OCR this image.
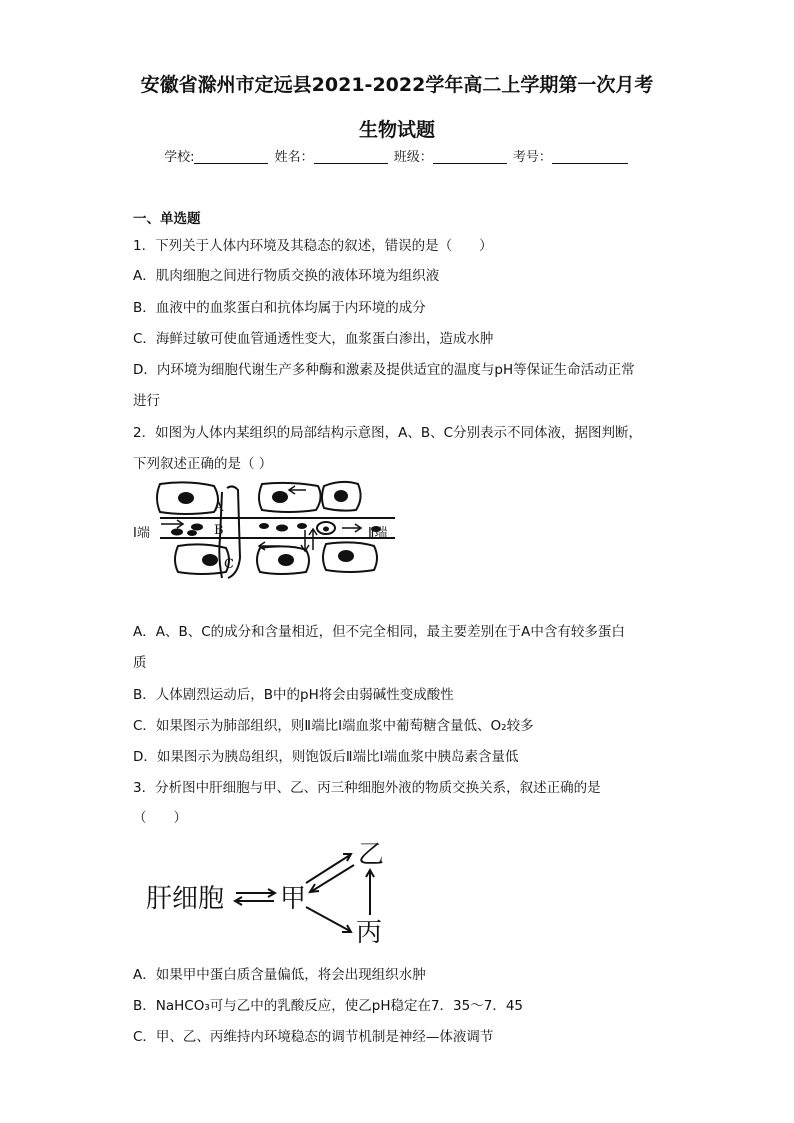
安徽省滁州市定远县2021-2022学年高二上学期第一次月考
生物试题
学校:	姓名：	班级：	考号：
一、单选题
1．下列关于人体内环境及其稳态的叙述，错误的是（　　）
A．肌肉细胞之间进行物质交换的液体环境为组织液
B．血液中的血浆蛋白和抗体均属于内环境的成分
C．海鲜过敏可使血管通透性变大，血浆蛋白渗出，造成水肿
D．内环境为细胞代谢生产多种酶和激素及提供适宜的温度与pH等保证生命活动正常
进行
2．如图为人体内某组织的局部结构示意图，A、B、C分别表示不同体液，据图判断，
下列叙述正确的是（ ）
A
B
C
Ⅰ端	Ⅱ端
A．A、B、C的成分和含量相近，但不完全相同，最主要差别在于A中含有较多蛋白
质
B．人体剧烈运动后，B中的pH将会由弱碱性变成酸性
C．如果图示为肺部组织，则Ⅱ端比Ⅰ端血浆中葡萄糖含量低、O₂较多
D．如果图示为胰岛组织，则饱饭后Ⅱ端比Ⅰ端血浆中胰岛素含量低
3．分析图中肝细胞与甲、乙、丙三种细胞外液的物质交换关系，叙述正确的是
（　　）
肝细胞 甲
乙
丙
A．如果甲中蛋白质含量偏低，将会出现组织水肿
B．NaHCO₃可与乙中的乳酸反应，使乙pH稳定在7．35～7．45
C．甲、乙、丙维持内环境稳态的调节机制是神经—体液调节
